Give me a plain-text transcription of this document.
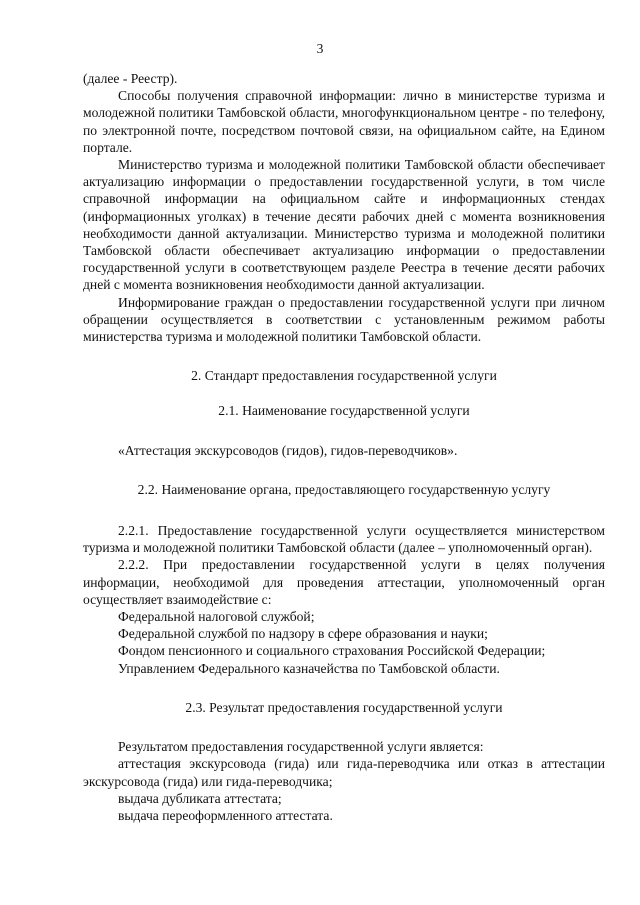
3

(далее - Реестр).

Способы получения справочной информации: лично в министерстве туризма и молодежной политики Тамбовской области, многофункциональном центре - по телефону, по электронной почте, посредством почтовой связи, на официальном сайте, на Едином портале.

Министерство туризма и молодежной политики Тамбовской области обеспечивает актуализацию информации о предоставлении государственной услуги, в том числе справочной информации на официальном сайте и информационных стендах (информационных уголках) в течение десяти рабочих дней с момента возникновения необходимости данной актуализации. Министерство туризма и молодежной политики Тамбовской области обеспечивает актуализацию информации о предоставлении государственной услуги в соответствующем разделе Реестра в течение десяти рабочих дней с момента возникновения необходимости данной актуализации.

Информирование граждан о предоставлении государственной услуги при личном обращении осуществляется в соответствии с установленным режимом работы министерства туризма и молодежной политики Тамбовской области.

2. Стандарт предоставления государственной услуги

2.1. Наименование государственной услуги

«Аттестация экскурсоводов (гидов), гидов-переводчиков».

2.2. Наименование органа, предоставляющего государственную услугу

2.2.1. Предоставление государственной услуги осуществляется министерством туризма и молодежной политики Тамбовской области (далее – уполномоченный орган).

2.2.2. При предоставлении государственной услуги в целях получения информации, необходимой для проведения аттестации, уполномоченный орган осуществляет взаимодействие с:

Федеральной налоговой службой;

Федеральной службой по надзору в сфере образования и науки;

Фондом пенсионного и социального страхования Российской Федерации;

Управлением Федерального казначейства по Тамбовской области.

2.3. Результат предоставления государственной услуги

Результатом предоставления государственной услуги является:

аттестация экскурсовода (гида) или гида-переводчика или отказ в аттестации экскурсовода (гида) или гида-переводчика;

выдача дубликата аттестата;

выдача переоформленного аттестата.
